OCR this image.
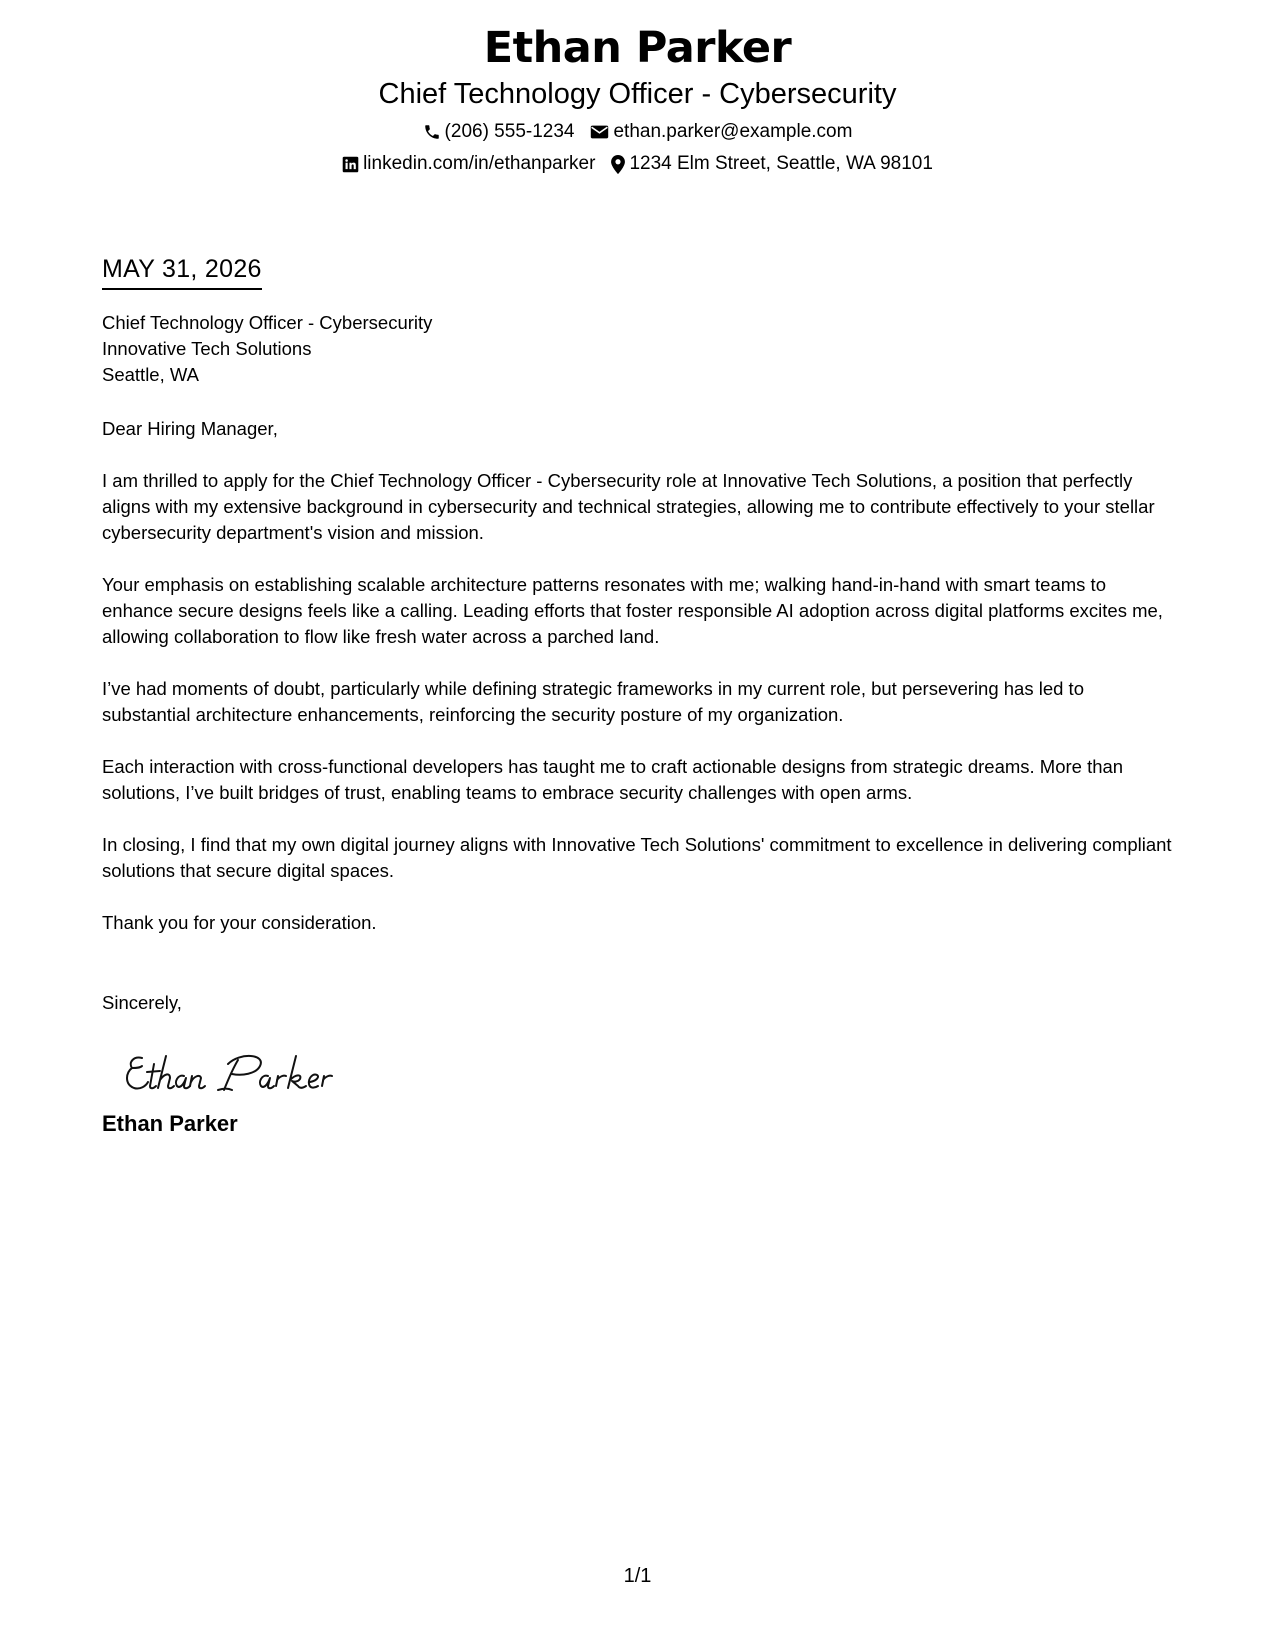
Ethan Parker
Chief Technology Officer - Cybersecurity
(206) 555-1234 ethan.parker@example.com
linkedin.com/in/ethanparker 1234 Elm Street, Seattle, WA 98101
MAY 31, 2026
Chief Technology Officer - Cybersecurity
Innovative Tech Solutions
Seattle, WA
Dear Hiring Manager,

I am thrilled to apply for the Chief Technology Officer - Cybersecurity role at Innovative Tech Solutions, a position that perfectly aligns with my extensive background in cybersecurity and technical strategies, allowing me to contribute effectively to your stellar cybersecurity department's vision and mission.

Your emphasis on establishing scalable architecture patterns resonates with me; walking hand-in-hand with smart teams to enhance secure designs feels like a calling. Leading efforts that foster responsible AI adoption across digital platforms excites me, allowing collaboration to flow like fresh water across a parched land.

I’ve had moments of doubt, particularly while defining strategic frameworks in my current role, but persevering has led to substantial architecture enhancements, reinforcing the security posture of my organization.

Each interaction with cross-functional developers has taught me to craft actionable designs from strategic dreams. More than solutions, I’ve built bridges of trust, enabling teams to embrace security challenges with open arms.

In closing, I find that my own digital journey aligns with Innovative Tech Solutions' commitment to excellence in delivering compliant solutions that secure digital spaces.

Thank you for your consideration.
Sincerely,
Ethan Parker
1/1
